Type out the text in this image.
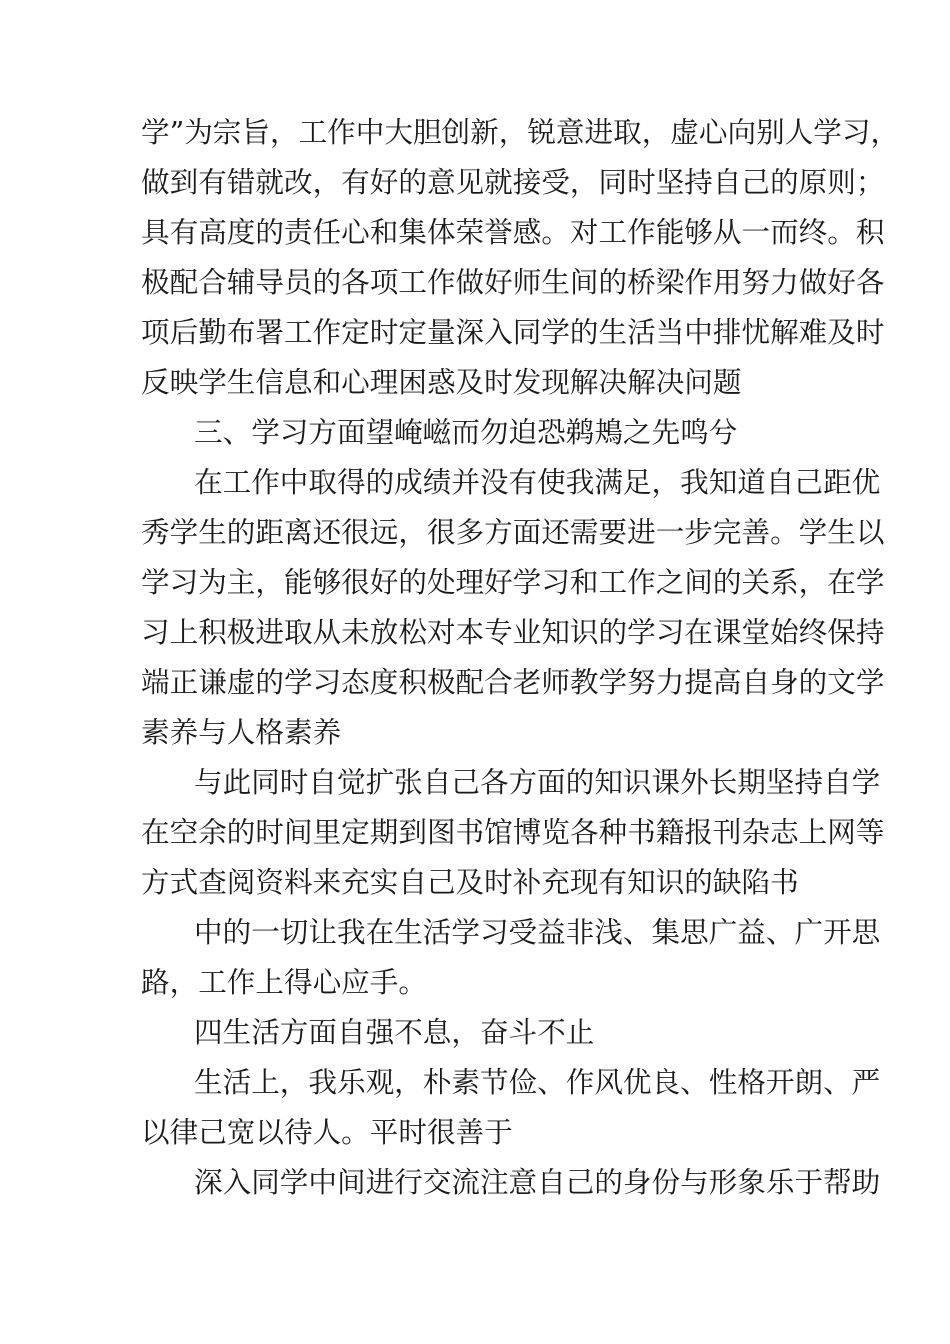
学”为宗旨，工作中大胆创新，锐意进取，虚心向别人学习，

做到有错就改，有好的意见就接受，同时坚持自己的原则；

具有高度的责任心和集体荣誉感。对工作能够从一而终。积

极配合辅导员的各项工作做好师生间的桥梁作用努力做好各

项后勤布署工作定时定量深入同学的生活当中排忧解难及时

反映学生信息和心理困惑及时发现解决解决问题

三、学习方面望崦嵫而勿迫恐鹈鴂之先鸣兮

在工作中取得的成绩并没有使我满足，我知道自己距优

秀学生的距离还很远，很多方面还需要进一步完善。学生以

学习为主，能够很好的处理好学习和工作之间的关系，在学

习上积极进取从未放松对本专业知识的学习在课堂始终保持

端正谦虚的学习态度积极配合老师教学努力提高自身的文学

素养与人格素养

与此同时自觉扩张自己各方面的知识课外长期坚持自学

在空余的时间里定期到图书馆博览各种书籍报刊杂志上网等

方式查阅资料来充实自己及时补充现有知识的缺陷书

中的一切让我在生活学习受益非浅、集思广益、广开思

路，工作上得心应手。

四生活方面自强不息，奋斗不止

生活上，我乐观，朴素节俭、作风优良、性格开朗、严

以律己宽以待人。平时很善于

深入同学中间进行交流注意自己的身份与形象乐于帮助
